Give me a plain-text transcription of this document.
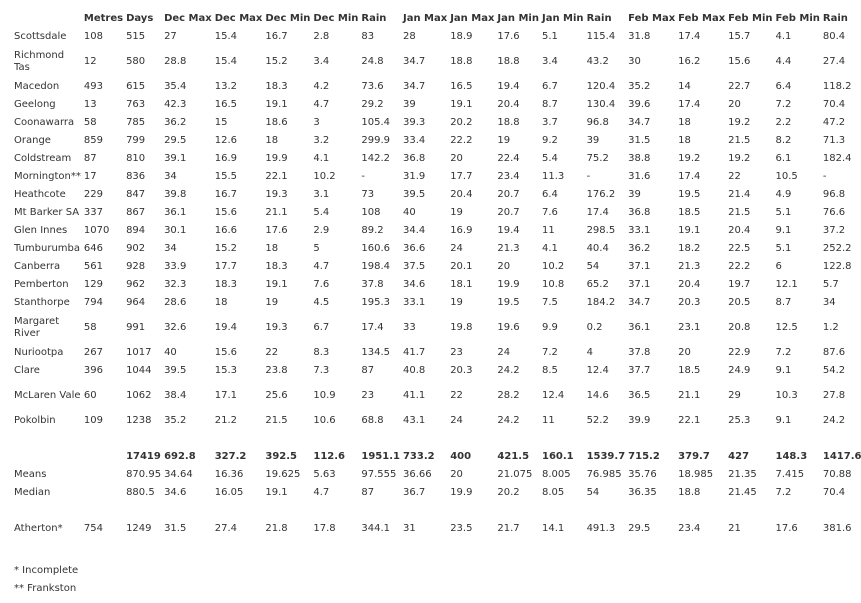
	Metres	Days	Dec Max	Dec Max	Dec Min	Dec Min	Rain	Jan Max	Jan Max	Jan Min	Jan Min	Rain	Feb Max	Feb Max	Feb Min	Feb Min	Rain
Scottsdale	108	515	27	15.4	16.7	2.8	83	28	18.9	17.6	5.1	115.4	31.8	17.4	15.7	4.1	80.4
Richmond Tas	12	580	28.8	15.4	15.2	3.4	24.8	34.7	18.8	18.8	3.4	43.2	30	16.2	15.6	4.4	27.4
Macedon	493	615	35.4	13.2	18.3	4.2	73.6	34.7	16.5	19.4	6.7	120.4	35.2	14	22.7	6.4	118.2
Geelong	13	763	42.3	16.5	19.1	4.7	29.2	39	19.1	20.4	8.7	130.4	39.6	17.4	20	7.2	70.4
Coonawarra	58	785	36.2	15	18.6	3	105.4	39.3	20.2	18.8	3.7	96.8	34.7	18	19.2	2.2	47.2
Orange	859	799	29.5	12.6	18	3.2	299.9	33.4	22.2	19	9.2	39	31.5	18	21.5	8.2	71.3
Coldstream	87	810	39.1	16.9	19.9	4.1	142.2	36.8	20	22.4	5.4	75.2	38.8	19.2	19.2	6.1	182.4
Mornington**	17	836	34	15.5	22.1	10.2	-	31.9	17.7	23.4	11.3	-	31.6	17.4	22	10.5	-
Heathcote	229	847	39.8	16.7	19.3	3.1	73	39.5	20.4	20.7	6.4	176.2	39	19.5	21.4	4.9	96.8
Mt Barker SA	337	867	36.1	15.6	21.1	5.4	108	40	19	20.7	7.6	17.4	36.8	18.5	21.5	5.1	76.6
Glen Innes	1070	894	30.1	16.6	17.6	2.9	89.2	34.4	16.9	19.4	11	298.5	33.1	19.1	20.4	9.1	37.2
Tumburumba	646	902	34	15.2	18	5	160.6	36.6	24	21.3	4.1	40.4	36.2	18.2	22.5	5.1	252.2
Canberra	561	928	33.9	17.7	18.3	4.7	198.4	37.5	20.1	20	10.2	54	37.1	21.3	22.2	6	122.8
Pemberton	129	962	32.3	18.3	19.1	7.6	37.8	34.6	18.1	19.9	10.8	65.2	37.1	20.4	19.7	12.1	5.7
Stanthorpe	794	964	28.6	18	19	4.5	195.3	33.1	19	19.5	7.5	184.2	34.7	20.3	20.5	8.7	34
Margaret River	58	991	32.6	19.4	19.3	6.7	17.4	33	19.8	19.6	9.9	0.2	36.1	23.1	20.8	12.5	1.2
Nuriootpa	267	1017	40	15.6	22	8.3	134.5	41.7	23	24	7.2	4	37.8	20	22.9	7.2	87.6
Clare	396	1044	39.5	15.3	23.8	7.3	87	40.8	20.3	24.2	8.5	12.4	37.7	18.5	24.9	9.1	54.2
McLaren Vale	60	1062	38.4	17.1	25.6	10.9	23	41.1	22	28.2	12.4	14.6	36.5	21.1	29	10.3	27.8
Pokolbin	109	1238	35.2	21.2	21.5	10.6	68.8	43.1	24	24.2	11	52.2	39.9	22.1	25.3	9.1	24.2

		17419	692.8	327.2	392.5	112.6	1951.1	733.2	400	421.5	160.1	1539.7	715.2	379.7	427	148.3	1417.6
Means		870.95	34.64	16.36	19.625	5.63	97.555	36.66	20	21.075	8.005	76.985	35.76	18.985	21.35	7.415	70.88
Median		880.5	34.6	16.05	19.1	4.7	87	36.7	19.9	20.2	8.05	54	36.35	18.8	21.45	7.2	70.4

Atherton*	754	1249	31.5	27.4	21.8	17.8	344.1	31	23.5	21.7	14.1	491.3	29.5	23.4	21	17.6	381.6
* Incomplete
** Frankston
